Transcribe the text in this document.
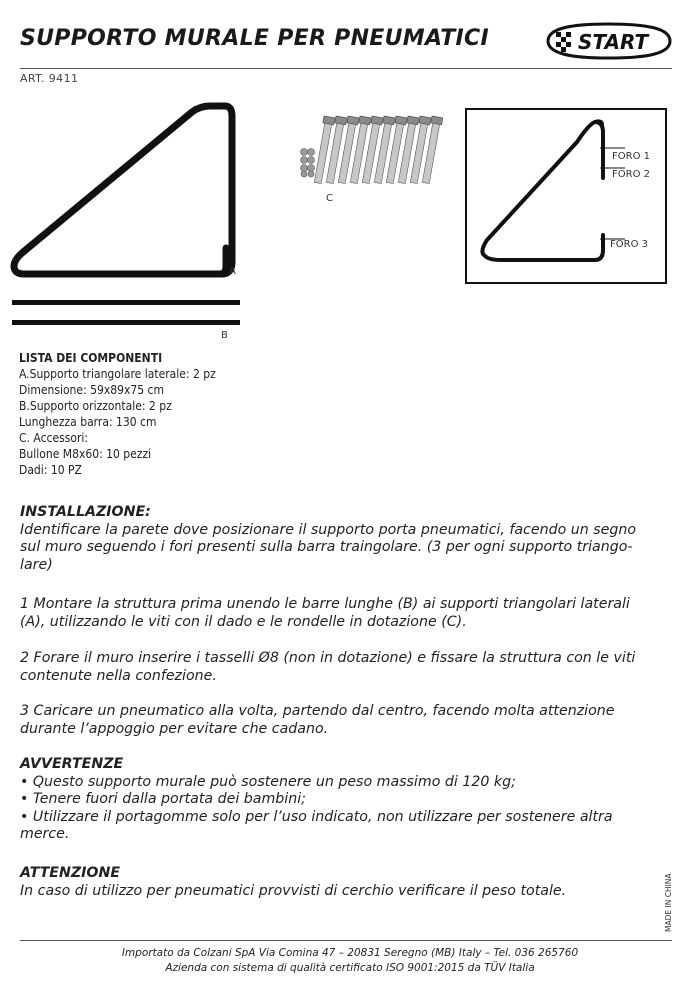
SUPPORTO MURALE PER PNEUMATICI	START
ART. 9411
A
B
C
FORO 1
FORO 2
FORO 3
LISTA DEI COMPONENTI
A.Supporto triangolare laterale: 2 pz
Dimensione: 59x89x75 cm
B.Supporto orizzontale: 2 pz
Lunghezza barra: 130 cm
C. Accessori:
Bullone M8x60: 10 pezzi
Dadi: 10 PZ
INSTALLAZIONE:
Identificare la parete dove posizionare il supporto porta pneumatici, facendo un segno
sul muro seguendo i fori presenti sulla barra traingolare. (3 per ogni supporto triango-
lare)
1 Montare la struttura prima unendo le barre lunghe (B) ai supporti triangolari laterali
(A), utilizzando le viti con il dado e le rondelle in dotazione (C).
2 Forare il muro inserire i tasselli Ø8 (non in dotazione) e fissare la struttura con le viti
contenute nella confezione.
3 Caricare un pneumatico alla volta, partendo dal centro, facendo molta attenzione
durante l’appoggio per evitare che cadano.
AVVERTENZE
• Questo supporto murale può sostenere un peso massimo di 120 kg;
• Tenere fuori dalla portata dei bambini;
• Utilizzare il portagomme solo per l’uso indicato, non utilizzare per sostenere altra
merce.
ATTENZIONE
In caso di utilizzo per pneumatici provvisti di cerchio verificare il peso totale.	MADE IN CHINA
Importato da Colzani SpA Via Comina 47 – 20831 Seregno (MB) Italy – Tel. 036 265760
Azienda con sistema di qualità certificato ISO 9001:2015 da TÜV Italia
